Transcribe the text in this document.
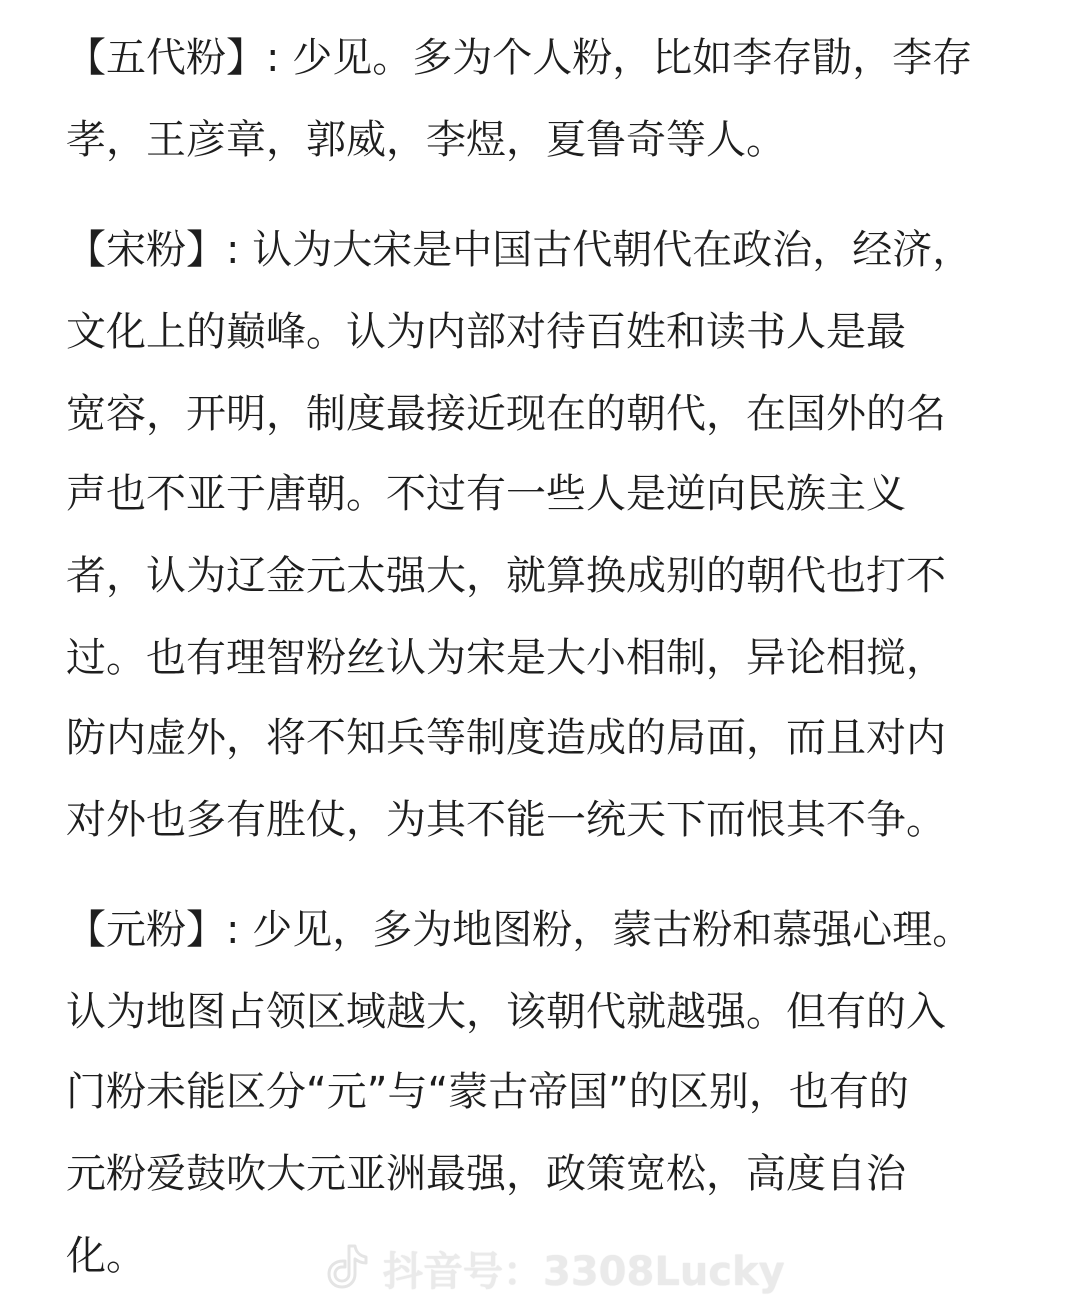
【五代粉】: 少见。多为个人粉，比如李存勖，李存
孝，王彦章，郭威，李煜，夏鲁奇等人。
【宋粉】: 认为大宋是中国古代朝代在政治，经济，
文化上的巅峰。认为内部对待百姓和读书人是最
宽容，开明，制度最接近现在的朝代，在国外的名
声也不亚于唐朝。不过有一些人是逆向民族主义
者，认为辽金元太强大，就算换成别的朝代也打不
过。也有理智粉丝认为宋是大小相制，异论相搅，
防内虚外，将不知兵等制度造成的局面，而且对内
对外也多有胜仗，为其不能一统天下而恨其不争。
【元粉】: 少见，多为地图粉，蒙古粉和慕强心理。
认为地图占领区域越大，该朝代就越强。但有的入
门粉未能区分“元”与“蒙古帝国”的区别，也有的
元粉爱鼓吹大元亚洲最强，政策宽松，高度自治
化。	抖音号：3308Lucky
